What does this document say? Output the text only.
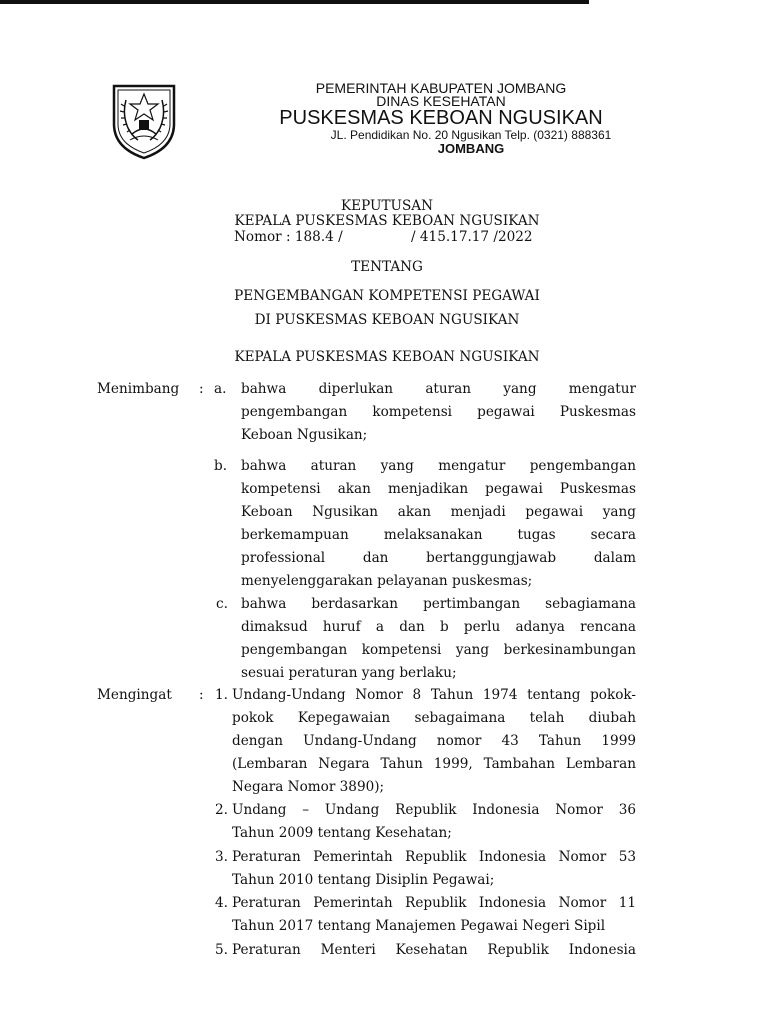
PEMERINTAH KABUPATEN JOMBANG
DINAS KESEHATAN
PUSKESMAS KEBOAN NGUSIKAN
JL. Pendidikan No. 20 Ngusikan Telp. (0321) 888361
JOMBANG
KEPUTUSAN
KEPALA PUSKESMAS KEBOAN NGUSIKAN
Nomor : 188.4 /	/ 415.17.17 /2022
TENTANG
PENGEMBANGAN KOMPETENSI PEGAWAI
DI PUSKESMAS KEBOAN NGUSIKAN
KEPALA PUSKESMAS KEBOAN NGUSIKAN
Menimbang : a. bahwa diperlukan aturan yang mengatur
pengembangan kompetensi pegawai Puskesmas
Keboan Ngusikan;
b. bahwa aturan yang mengatur pengembangan
kompetensi akan menjadikan pegawai Puskesmas
Keboan Ngusikan akan menjadi pegawai yang
berkemampuan melaksanakan tugas secara
professional dan bertanggungjawab dalam
menyelenggarakan pelayanan puskesmas;
c. bahwa berdasarkan pertimbangan sebagiamana
dimaksud huruf a dan b perlu adanya rencana
pengembangan kompetensi yang berkesinambungan
sesuai peraturan yang berlaku;
Mengingat : 1. Undang-Undang Nomor 8 Tahun 1974 tentang pokok-
pokok Kepegawaian sebagaimana telah diubah
dengan Undang-Undang nomor 43 Tahun 1999
(Lembaran Negara Tahun 1999, Tambahan Lembaran
Negara Nomor 3890);
2. Undang – Undang Republik Indonesia Nomor 36
Tahun 2009 tentang Kesehatan;
3. Peraturan Pemerintah Republik Indonesia Nomor 53
Tahun 2010 tentang Disiplin Pegawai;
4. Peraturan Pemerintah Republik Indonesia Nomor 11
Tahun 2017 tentang Manajemen Pegawai Negeri Sipil
5. Peraturan Menteri Kesehatan Republik Indonesia
